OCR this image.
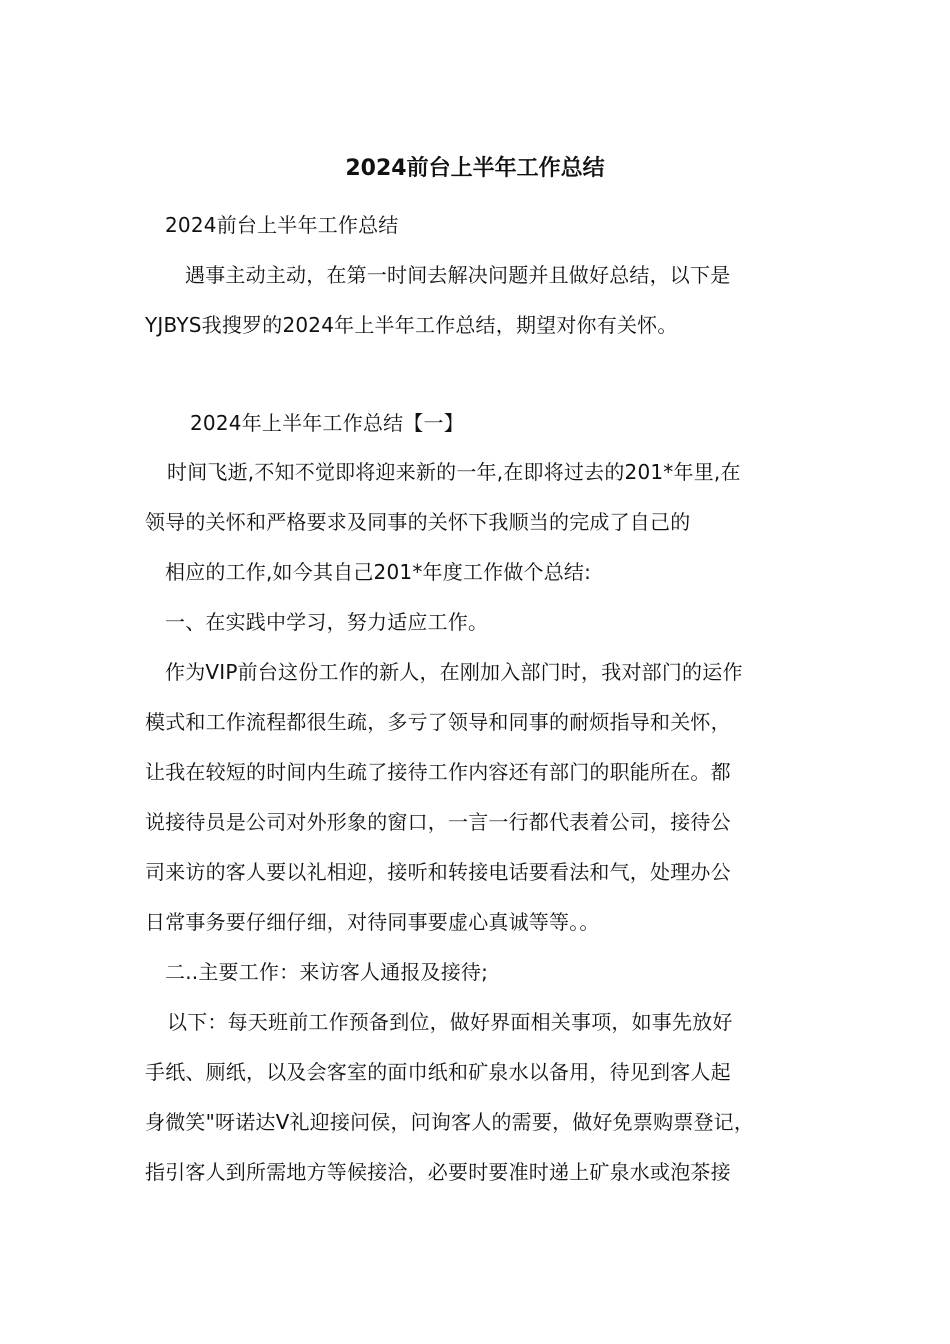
2024前台上半年工作总结
2024前台上半年工作总结
遇事主动主动，在第一时间去解决问题并且做好总结，以下是
YJBYS我搜罗的2024年上半年工作总结，期望对你有关怀。
2024年上半年工作总结【一】
时间飞逝,不知不觉即将迎来新的一年,在即将过去的201*年里,在
领导的关怀和严格要求及同事的关怀下我顺当的完成了自己的
相应的工作,如今其自己201*年度工作做个总结:
一、在实践中学习，努力适应工作。
作为VIP前台这份工作的新人，在刚加入部门时，我对部门的运作
模式和工作流程都很生疏，多亏了领导和同事的耐烦指导和关怀，
让我在较短的时间内生疏了接待工作内容还有部门的职能所在。都
说接待员是公司对外形象的窗口，一言一行都代表着公司，接待公
司来访的客人要以礼相迎，接听和转接电话要看法和气，处理办公
日常事务要仔细仔细，对待同事要虚心真诚等等。。
二..主要工作：来访客人通报及接待;
以下：每天班前工作预备到位，做好界面相关事项，如事先放好
手纸、厕纸，以及会客室的面巾纸和矿泉水以备用，待见到客人起
身微笑"呀诺达V礼迎接问侯，问询客人的需要，做好免票购票登记，
指引客人到所需地方等候接洽，必要时要准时递上矿泉水或泡茶接
